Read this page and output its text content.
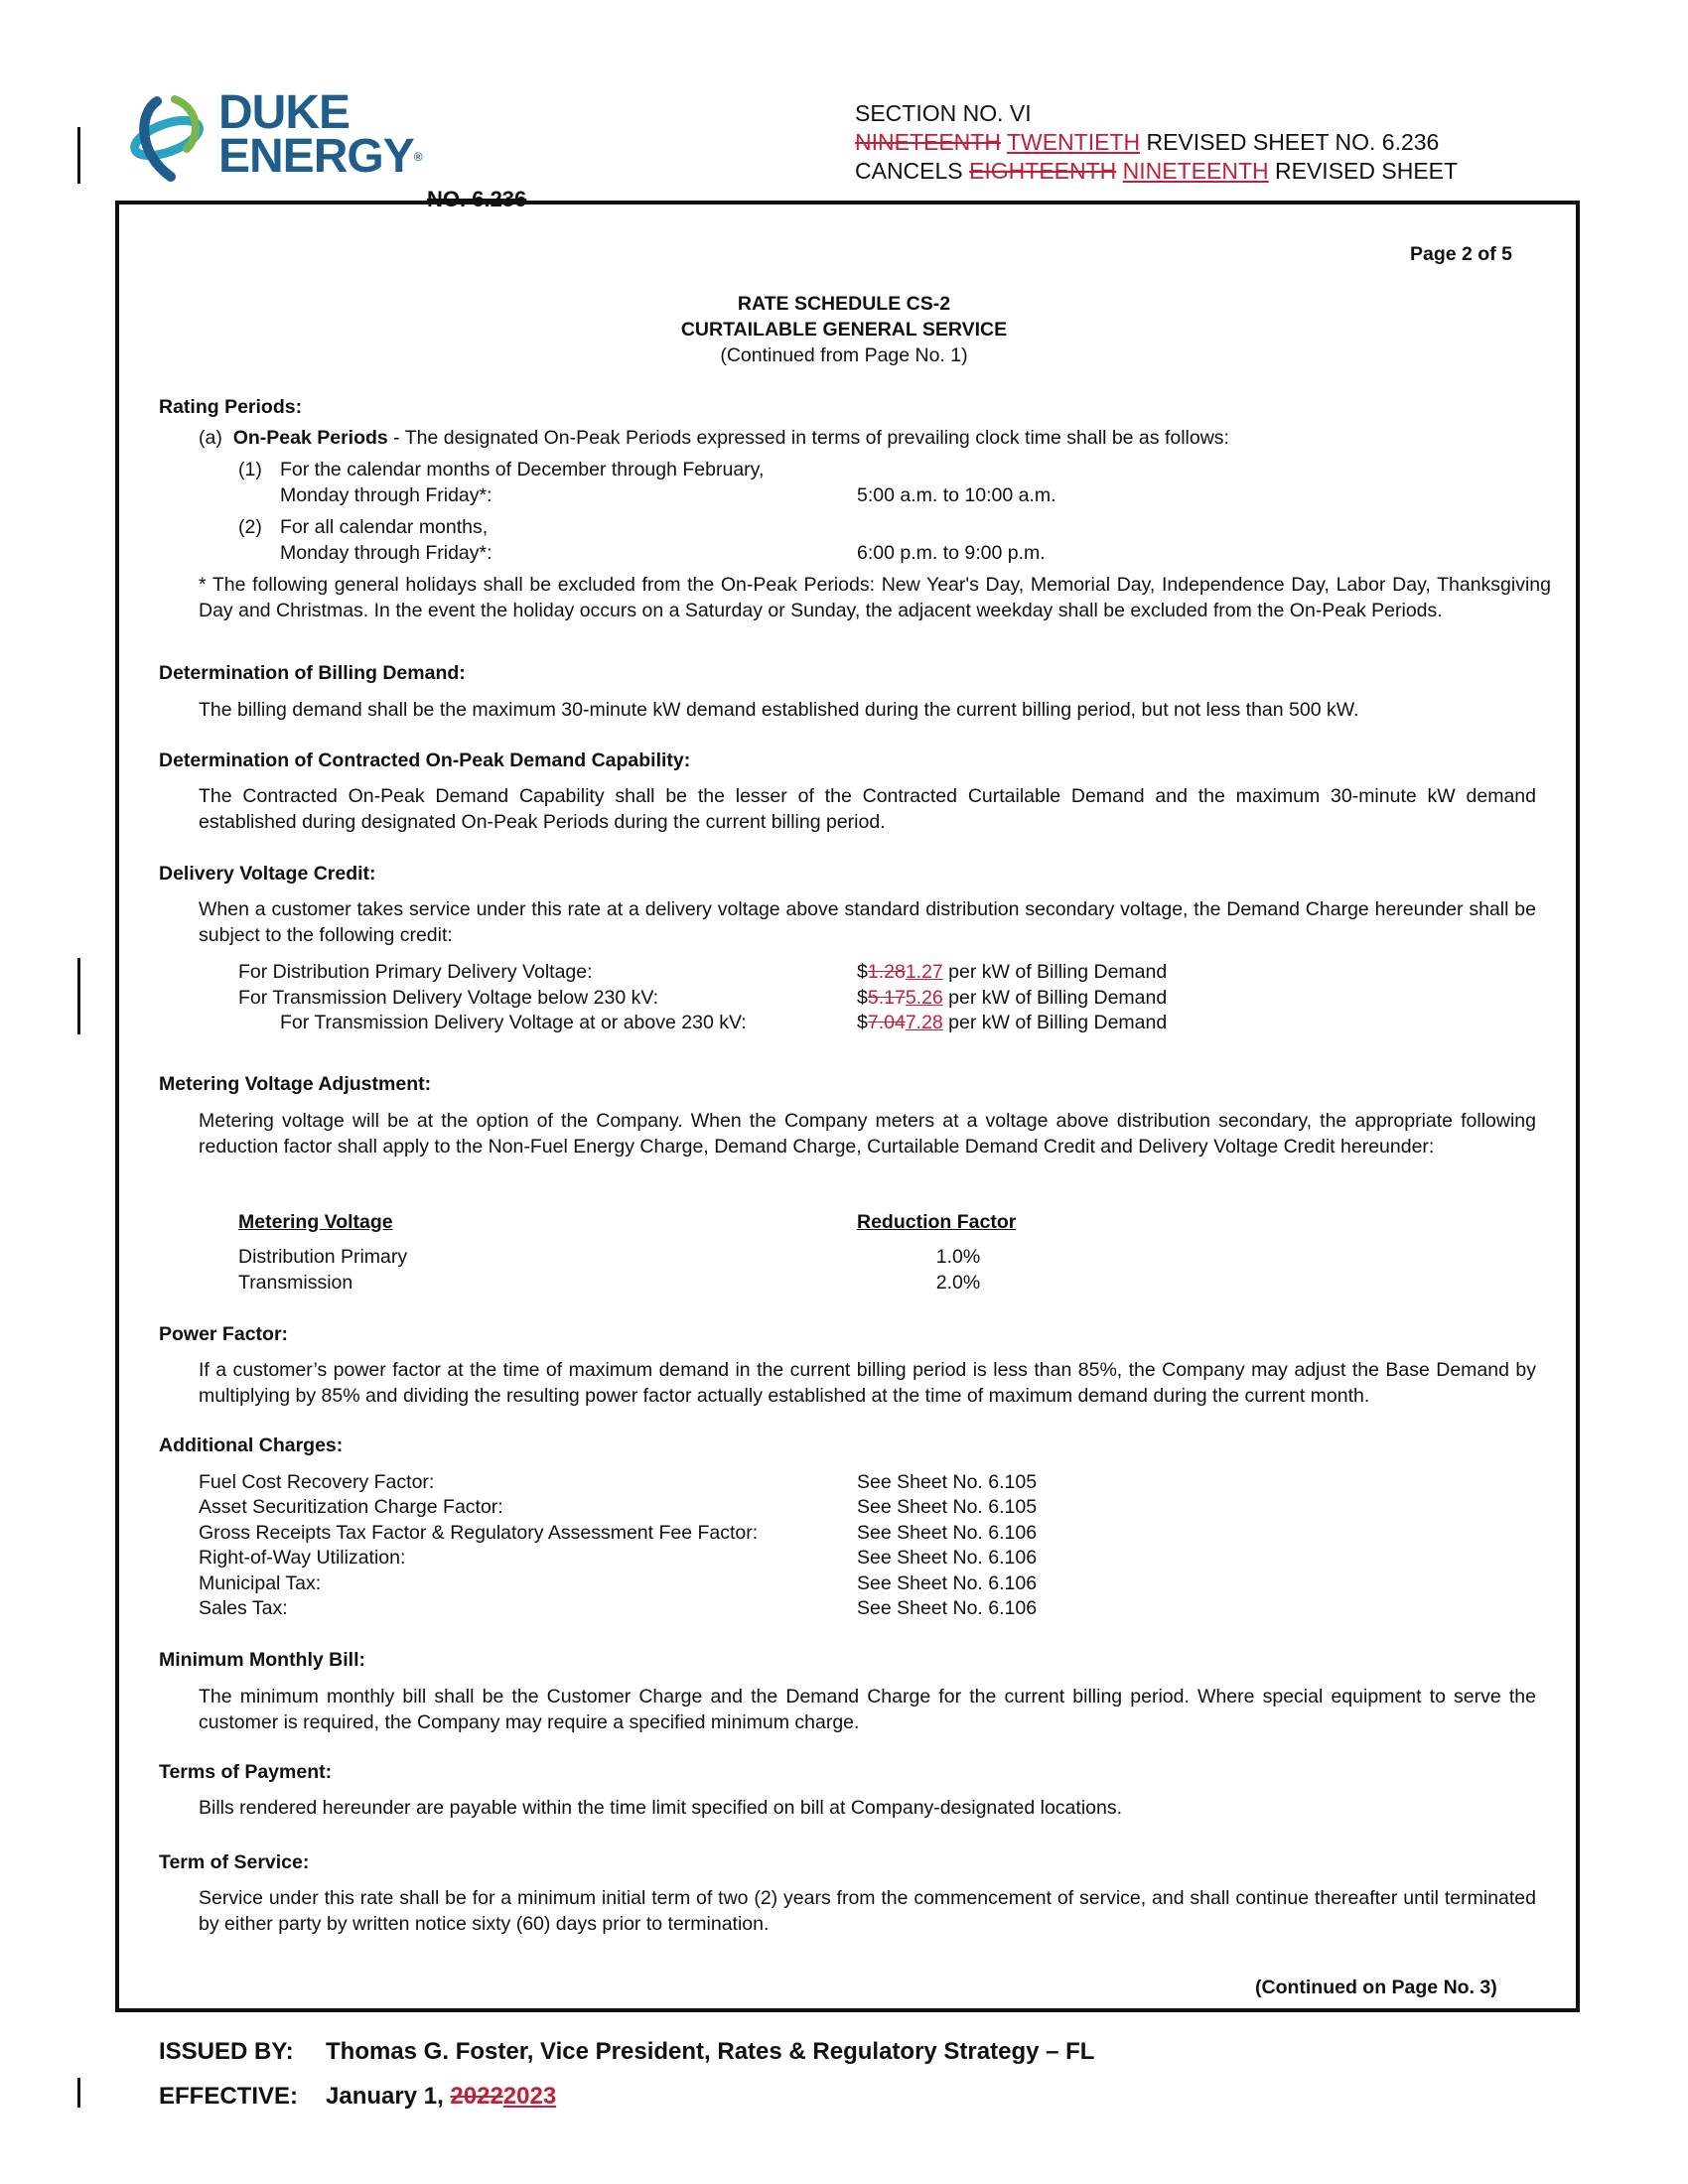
DUKE
ENERGY®
SECTION NO. VI
NINETEENTH TWENTIETH REVISED SHEET NO. 6.236
CANCELS EIGHTEENTH NINETEENTH REVISED SHEET
NO. 6.236
Page 2 of 5
RATE SCHEDULE CS-2
CURTAILABLE GENERAL SERVICE
(Continued from Page No. 1)
Rating Periods:
(a) On-Peak Periods - The designated On-Peak Periods expressed in terms of prevailing clock time shall be as follows:
(1) For the calendar months of December through February,
Monday through Friday*:	5:00 a.m. to 10:00 a.m.
(2) For all calendar months,
Monday through Friday*:	6:00 p.m. to 9:00 p.m.
* The following general holidays shall be excluded from the On-Peak Periods: New Year's Day, Memorial Day, Independence Day, Labor Day, Thanksgiving Day and Christmas. In the event the holiday occurs on a Saturday or Sunday, the adjacent weekday shall be excluded from the On-Peak Periods.
Determination of Billing Demand:
The billing demand shall be the maximum 30-minute kW demand established during the current billing period, but not less than 500 kW.
Determination of Contracted On-Peak Demand Capability:
The Contracted On-Peak Demand Capability shall be the lesser of the Contracted Curtailable Demand and the maximum 30-minute kW demand established during designated On-Peak Periods during the current billing period.
Delivery Voltage Credit:
When a customer takes service under this rate at a delivery voltage above standard distribution secondary voltage, the Demand Charge hereunder shall be subject to the following credit:
For Distribution Primary Delivery Voltage:	$1.281.27 per kW of Billing Demand
For Transmission Delivery Voltage below 230 kV:	$5.175.26 per kW of Billing Demand
For Transmission Delivery Voltage at or above 230 kV:	$7.047.28 per kW of Billing Demand
Metering Voltage Adjustment:
Metering voltage will be at the option of the Company. When the Company meters at a voltage above distribution secondary, the appropriate following reduction factor shall apply to the Non-Fuel Energy Charge, Demand Charge, Curtailable Demand Credit and Delivery Voltage Credit hereunder:
Metering Voltage	Reduction Factor
Distribution Primary	1.0%
Transmission	2.0%
Power Factor:
If a customer’s power factor at the time of maximum demand in the current billing period is less than 85%, the Company may adjust the Base Demand by multiplying by 85% and dividing the resulting power factor actually established at the time of maximum demand during the current month.
Additional Charges:
Fuel Cost Recovery Factor:	See Sheet No. 6.105
Asset Securitization Charge Factor:	See Sheet No. 6.105
Gross Receipts Tax Factor & Regulatory Assessment Fee Factor:	See Sheet No. 6.106
Right-of-Way Utilization:	See Sheet No. 6.106
Municipal Tax:	See Sheet No. 6.106
Sales Tax:	See Sheet No. 6.106
Minimum Monthly Bill:
The minimum monthly bill shall be the Customer Charge and the Demand Charge for the current billing period. Where special equipment to serve the customer is required, the Company may require a specified minimum charge.
Terms of Payment:
Bills rendered hereunder are payable within the time limit specified on bill at Company-designated locations.
Term of Service:
Service under this rate shall be for a minimum initial term of two (2) years from the commencement of service, and shall continue thereafter until terminated by either party by written notice sixty (60) days prior to termination.
(Continued on Page No. 3)
ISSUED BY: Thomas G. Foster, Vice President, Rates & Regulatory Strategy – FL
EFFECTIVE: January 1, 20222023
